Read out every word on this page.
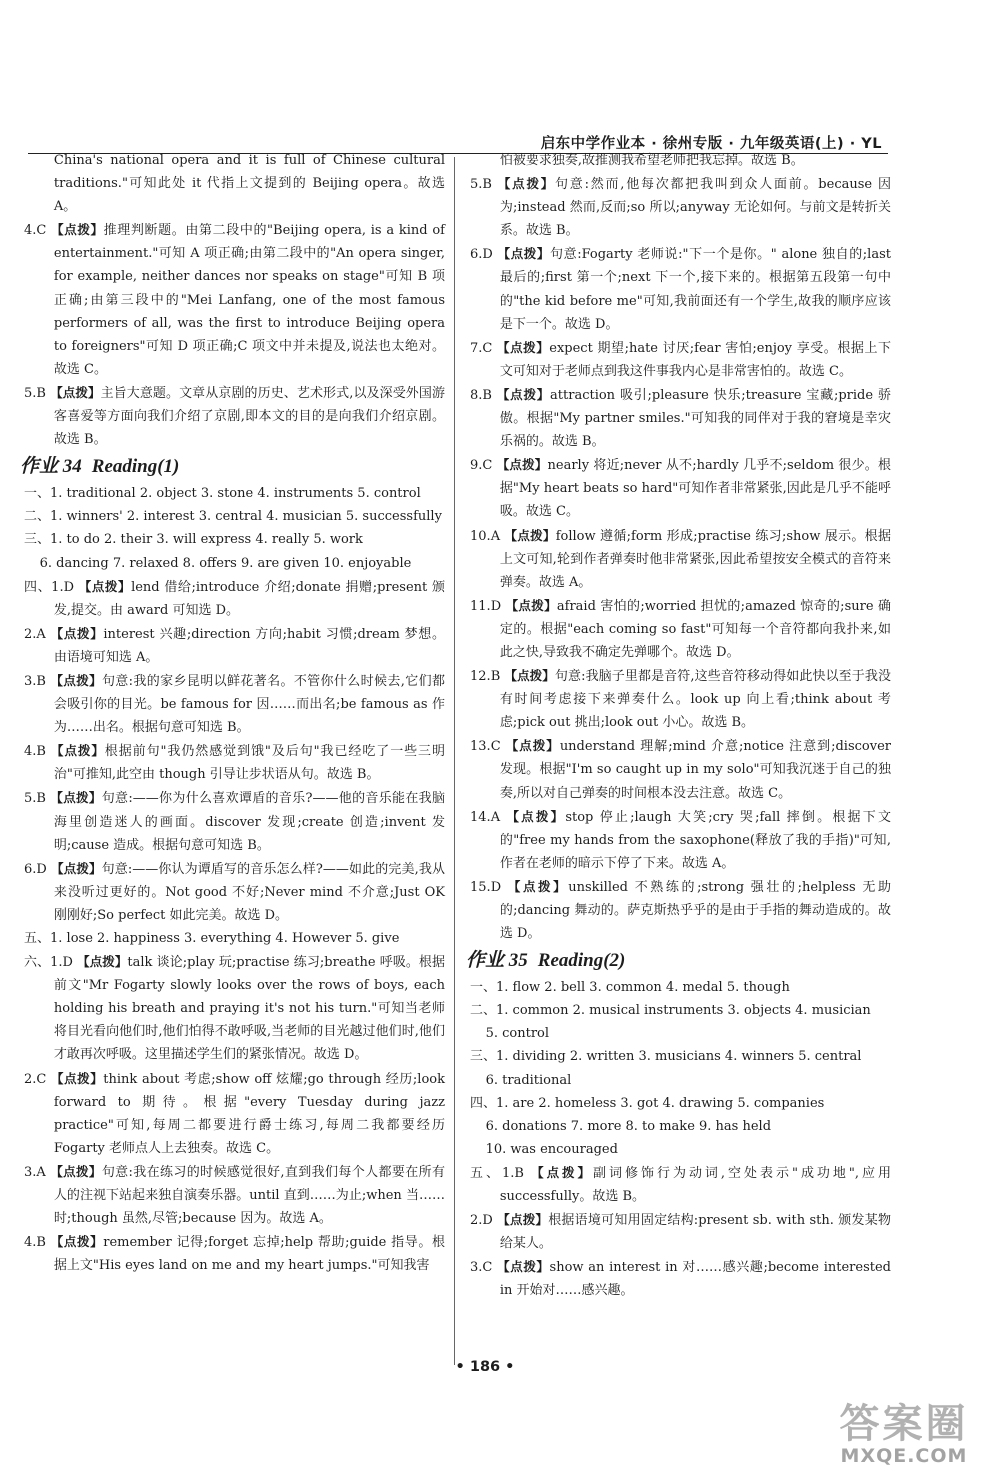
启东中学作业本 · 徐州专版 · 九年级英语(上) · YL
China's national opera and it is full of Chinese cultural traditions."可知此处 it 代指上文提到的 Beijing opera。故选 A。
4.C 【点拨】推理判断题。由第二段中的"Beijing opera, is a kind of entertainment."可知 A 项正确;由第二段中的"An opera singer, for example, neither dances nor speaks on stage"可知 B 项正确;由第三段中的"Mei Lanfang, one of the most famous performers of all, was the first to introduce Beijing opera to foreigners"可知 D 项正确;C 项文中并未提及,说法也太绝对。故选 C。
5.B 【点拨】主旨大意题。文章从京剧的历史、艺术形式,以及深受外国游客喜爱等方面向我们介绍了京剧,即本文的目的是向我们介绍京剧。故选 B。
作业 34 Reading(1)
一、1. traditional 2. object 3. stone 4. instruments 5. control
二、1. winners' 2. interest 3. central 4. musician 5. successfully
三、1. to do 2. their 3. will express 4. really 5. work
6. dancing 7. relaxed 8. offers 9. are given 10. enjoyable
四、1.D 【点拨】lend 借给;introduce 介绍;donate 捐赠;present 颁发,提交。由 award 可知选 D。
2.A 【点拨】interest 兴趣;direction 方向;habit 习惯;dream 梦想。由语境可知选 A。
3.B 【点拨】句意:我的家乡昆明以鲜花著名。不管你什么时候去,它们都会吸引你的目光。be famous for 因……而出名;be famous as 作为……出名。根据句意可知选 B。
4.B 【点拨】根据前句"我仍然感觉到饿"及后句"我已经吃了一些三明治"可推知,此空由 though 引导让步状语从句。故选 B。
5.B 【点拨】句意:——你为什么喜欢谭盾的音乐?——他的音乐能在我脑海里创造迷人的画面。discover 发现;create 创造;invent 发明;cause 造成。根据句意可知选 B。
6.D 【点拨】句意:——你认为谭盾写的音乐怎么样?——如此的完美,我从来没听过更好的。Not good 不好;Never mind 不介意;Just OK 刚刚好;So perfect 如此完美。故选 D。
五、1. lose 2. happiness 3. everything 4. However 5. give
六、1.D 【点拨】talk 谈论;play 玩;practise 练习;breathe 呼吸。根据前文"Mr Fogarty slowly looks over the rows of boys, each holding his breath and praying it's not his turn."可知当老师将目光看向他们时,他们怕得不敢呼吸,当老师的目光越过他们时,他们才敢再次呼吸。这里描述学生们的紧张情况。故选 D。
2.C 【点拨】think about 考虑;show off 炫耀;go through 经历;look forward to 期待。根据"every Tuesday during jazz practice"可知,每周二都要进行爵士练习,每周二我都要经历 Fogarty 老师点人上去独奏。故选 C。
3.A 【点拨】句意:我在练习的时候感觉很好,直到我们每个人都要在所有人的注视下站起来独自演奏乐器。until 直到……为止;when 当……时;though 虽然,尽管;because 因为。故选 A。
4.B 【点拨】remember 记得;forget 忘掉;help 帮助;guide 指导。根据上文"His eyes land on me and my heart jumps."可知我害
怕被要求独奏,故推测我希望老师把我忘掉。故选 B。
5.B 【点拨】句意:然而,他每次都把我叫到众人面前。because 因为;instead 然而,反而;so 所以;anyway 无论如何。与前文是转折关系。故选 B。
6.D 【点拨】句意:Fogarty 老师说:"下一个是你。" alone 独自的;last 最后的;first 第一个;next 下一个,接下来的。根据第五段第一句中的"the kid before me"可知,我前面还有一个学生,故我的顺序应该是下一个。故选 D。
7.C 【点拨】expect 期望;hate 讨厌;fear 害怕;enjoy 享受。根据上下文可知对于老师点到我这件事我内心是非常害怕的。故选 C。
8.B 【点拨】attraction 吸引;pleasure 快乐;treasure 宝藏;pride 骄傲。根据"My partner smiles."可知我的同伴对于我的窘境是幸灾乐祸的。故选 B。
9.C 【点拨】nearly 将近;never 从不;hardly 几乎不;seldom 很少。根据"My heart beats so hard"可知作者非常紧张,因此是几乎不能呼吸。故选 C。
10.A 【点拨】follow 遵循;form 形成;practise 练习;show 展示。根据上文可知,轮到作者弹奏时他非常紧张,因此希望按安全模式的音符来弹奏。故选 A。
11.D 【点拨】afraid 害怕的;worried 担忧的;amazed 惊奇的;sure 确定的。根据"each coming so fast"可知每一个音符都向我扑来,如此之快,导致我不确定先弹哪个。故选 D。
12.B 【点拨】句意:我脑子里都是音符,这些音符移动得如此快以至于我没有时间考虑接下来弹奏什么。look up 向上看;think about 考虑;pick out 挑出;look out 小心。故选 B。
13.C 【点拨】understand 理解;mind 介意;notice 注意到;discover 发现。根据"I'm so caught up in my solo"可知我沉迷于自己的独奏,所以对自己弹奏的时间根本没去注意。故选 C。
14.A 【点拨】stop 停止;laugh 大笑;cry 哭;fall 摔倒。根据下文的"free my hands from the saxophone(释放了我的手指)"可知,作者在老师的暗示下停了下来。故选 A。
15.D 【点拨】unskilled 不熟练的;strong 强壮的;helpless 无助的;dancing 舞动的。萨克斯热乎乎的是由于手指的舞动造成的。故选 D。
作业 35 Reading(2)
一、1. flow 2. bell 3. common 4. medal 5. though
二、1. common 2. musical instruments 3. objects 4. musician
5. control
三、1. dividing 2. written 3. musicians 4. winners 5. central
6. traditional
四、1. are 2. homeless 3. got 4. drawing 5. companies
6. donations 7. more 8. to make 9. has held
10. was encouraged
五、1.B 【点拨】副词修饰行为动词,空处表示"成功地",应用 successfully。故选 B。
2.D 【点拨】根据语境可知用固定结构:present sb. with sth. 颁发某物给某人。
3.C 【点拨】show an interest in 对……感兴趣;become interested in 开始对……感兴趣。
• 186 •
答案圈
MXQE.COM
